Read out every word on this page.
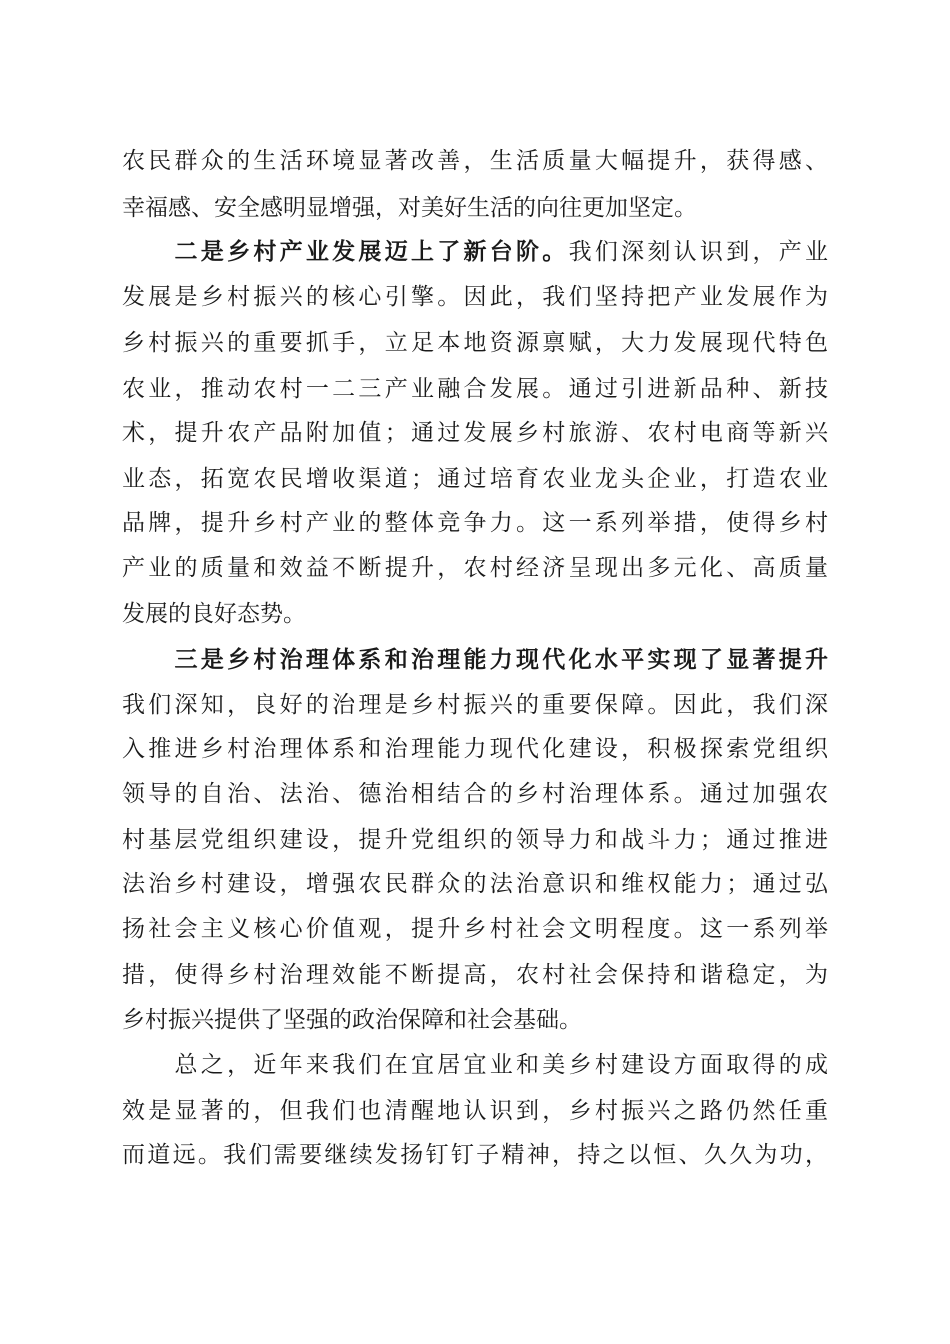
农民群众的生活环境显著改善，生活质量大幅提升，获得感、
幸福感、安全感明显增强，对美好生活的向往更加坚定。
　　二是乡村产业发展迈上了新台阶。我们深刻认识到，产业
发展是乡村振兴的核心引擎。因此，我们坚持把产业发展作为
乡村振兴的重要抓手，立足本地资源禀赋，大力发展现代特色
农业，推动农村一二三产业融合发展。通过引进新品种、新技
术，提升农产品附加值；通过发展乡村旅游、农村电商等新兴
业态，拓宽农民增收渠道；通过培育农业龙头企业，打造农业
品牌，提升乡村产业的整体竞争力。这一系列举措，使得乡村
产业的质量和效益不断提升，农村经济呈现出多元化、高质量
发展的良好态势。
　　三是乡村治理体系和治理能力现代化水平实现了显著提升
我们深知，良好的治理是乡村振兴的重要保障。因此，我们深
入推进乡村治理体系和治理能力现代化建设，积极探索党组织
领导的自治、法治、德治相结合的乡村治理体系。通过加强农
村基层党组织建设，提升党组织的领导力和战斗力；通过推进
法治乡村建设，增强农民群众的法治意识和维权能力；通过弘
扬社会主义核心价值观，提升乡村社会文明程度。这一系列举
措，使得乡村治理效能不断提高，农村社会保持和谐稳定，为
乡村振兴提供了坚强的政治保障和社会基础。
　　总之，近年来我们在宜居宜业和美乡村建设方面取得的成
效是显著的，但我们也清醒地认识到，乡村振兴之路仍然任重
而道远。我们需要继续发扬钉钉子精神，持之以恒、久久为功，
